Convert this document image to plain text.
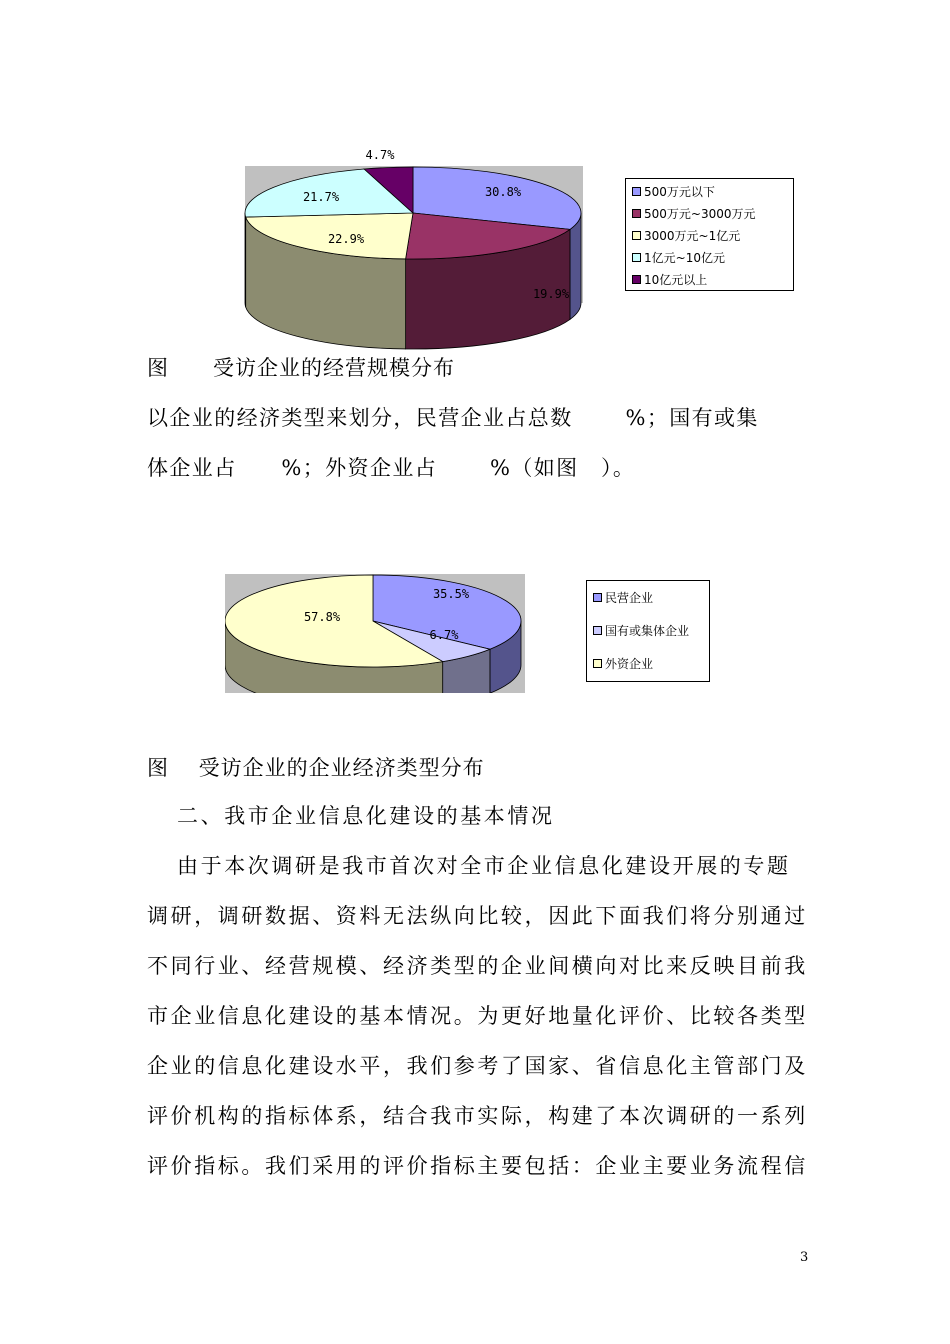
30.8%
19.9%
22.9%
21.7%
4.7%
500万元以下
500万元~3000万元
3000万元~1亿元
1亿元~10亿元
10亿元以上
图　　受访企业的经营规模分布
以企业的经济类型来划分，民营企业占总数　　 %；国有或集
体企业占　　%；外资企业占　　 %（如图　）。
35.5%
6.7%
57.8%
民营企业
国有或集体企业
外资企业
图　 受访企业的企业经济类型分布
二、我市企业信息化建设的基本情况
由于本次调研是我市首次对全市企业信息化建设开展的专题
调研，调研数据、资料无法纵向比较，因此下面我们将分别通过
不同行业、经营规模、经济类型的企业间横向对比来反映目前我
市企业信息化建设的基本情况。为更好地量化评价、比较各类型
企业的信息化建设水平，我们参考了国家、省信息化主管部门及
评价机构的指标体系，结合我市实际，构建了本次调研的一系列
评价指标。我们采用的评价指标主要包括：企业主要业务流程信
3
